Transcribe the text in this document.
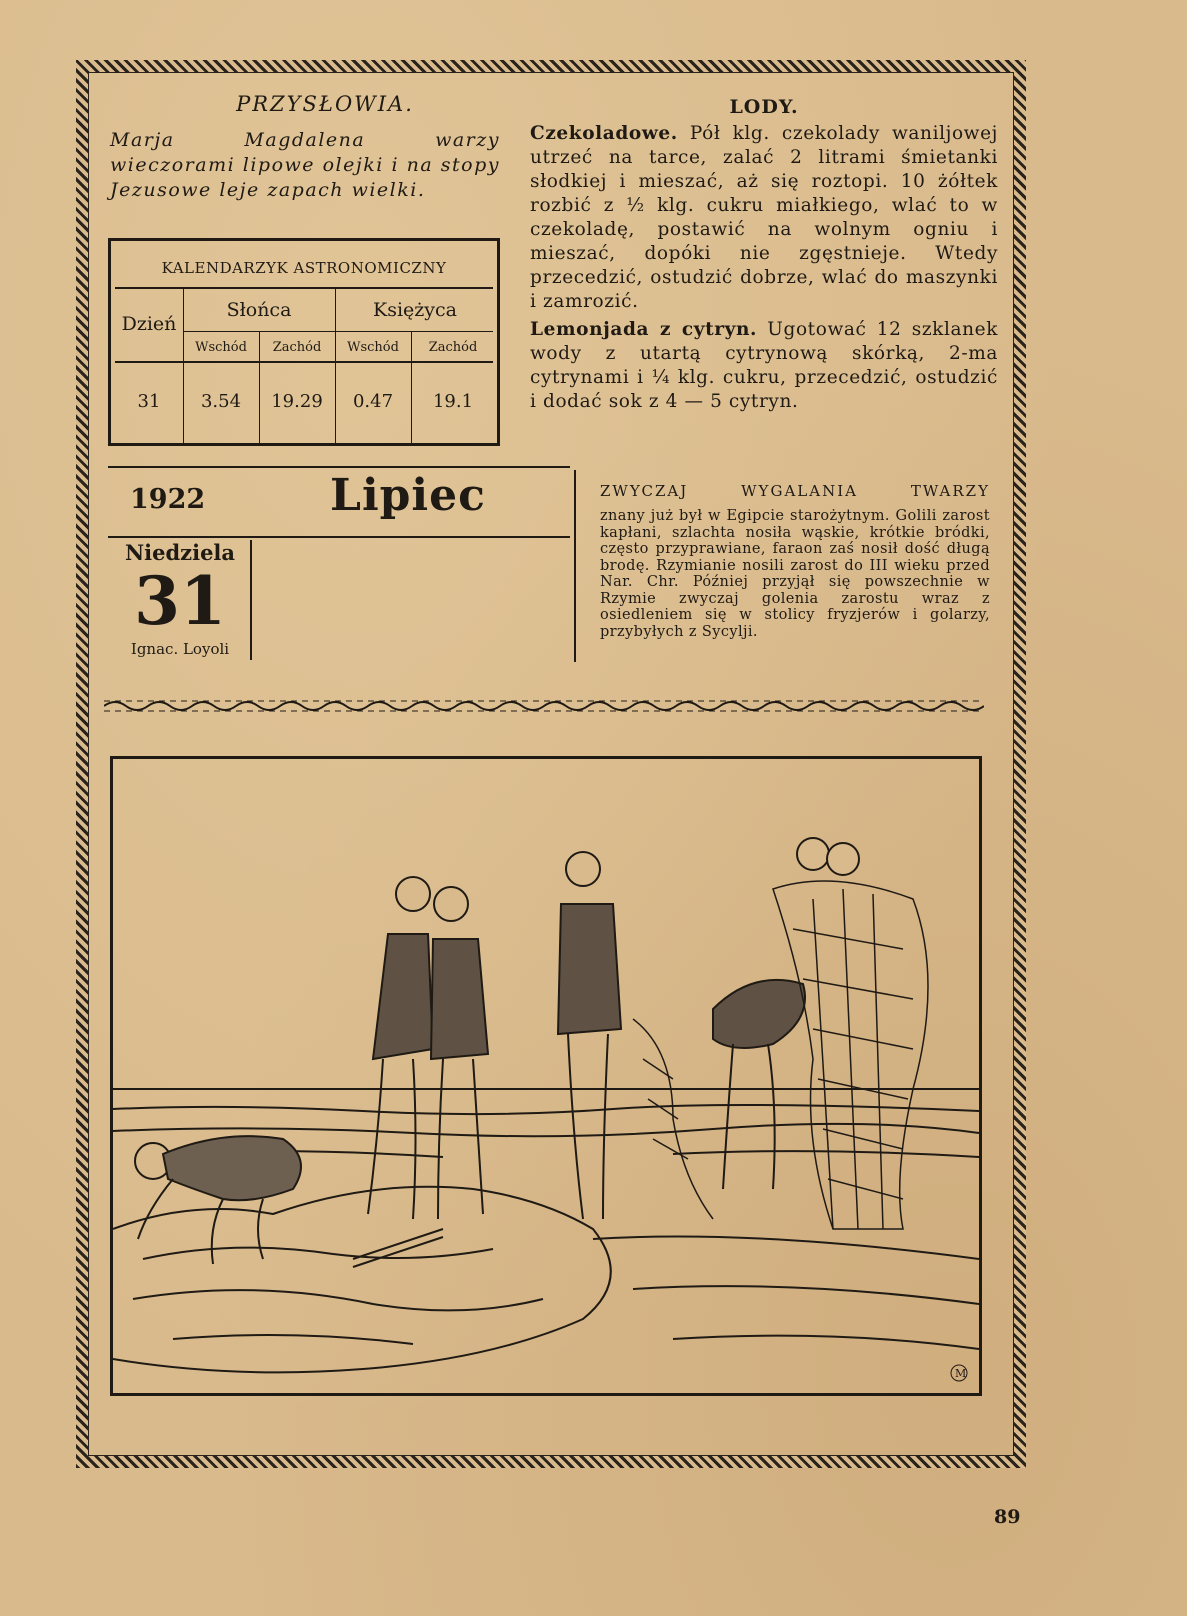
PRZYSŁOWIA.
Marja Magdalena warzy wieczorami lipowe olejki i na stopy Jezusowe leje zapach wielki.
KALENDARZYK ASTRONOMICZNY
Dzień
Słońca	Księżyca
Wschód	Zachód	Wschód	Zachód
31	3.54	19.29	0.47	19.1
LODY.

Czekoladowe. Pół klg. czekolady waniljowej utrzeć na tarce, zalać 2 litrami śmietanki słodkiej i mieszać, aż się roztopi. 10 żółtek rozbić z ½ klg. cukru miałkiego, wlać to w czekoladę, postawić na wolnym ogniu i mieszać, dopóki nie zgęstnieje. Wtedy przecedzić, ostudzić dobrze, wlać do maszynki i zamrozić.

Lemonjada z cytryn. Ugotować 12 szklanek wody z utartą cytrynową skórką, 2-ma cytrynami i ¼ klg. cukru, przecedzić, ostudzić i dodać sok z 4 — 5 cytryn.

1922	Lipiec
Niedziela
31
Ignac. Loyoli
ZWYCZAJ WYGALANIA TWARZY
znany już był w Egipcie starożytnym. Golili zarost kapłani, szlachta nosiła wąskie, krótkie bródki, często przyprawiane, faraon zaś nosił dość długą brodę. Rzymianie nosili zarost do III wieku przed Nar. Chr. Później przyjął się powszechnie w Rzymie zwyczaj golenia zarostu wraz z osiedleniem się w stolicy fryzjerów i golarzy, przybyłych z Sycylji.
M
89
